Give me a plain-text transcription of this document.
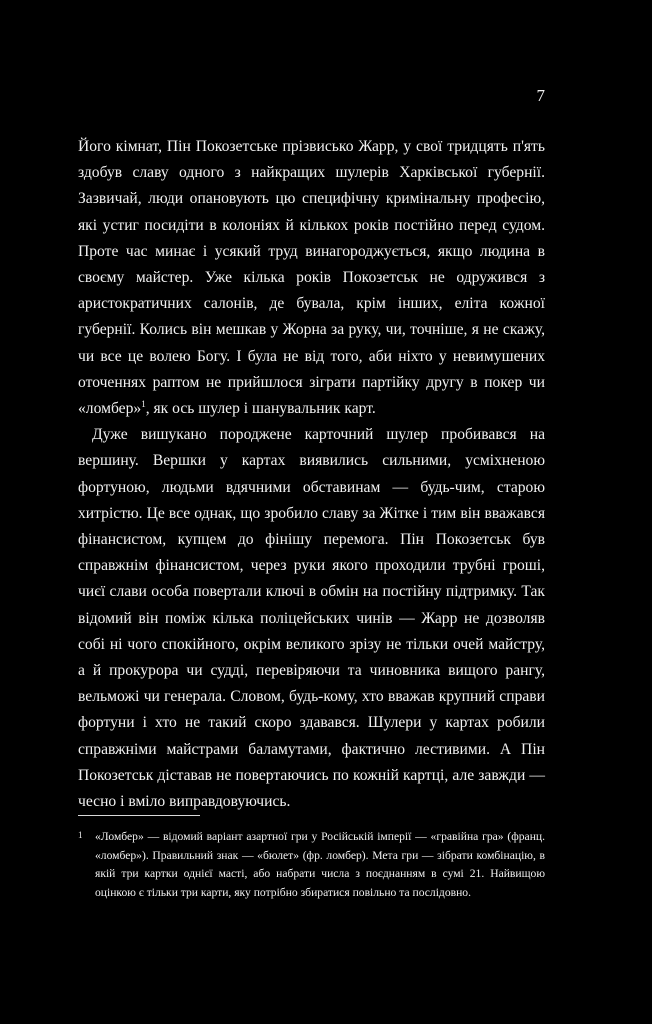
7

Його кімнат, Пін Покозетське прізвисько Жарр, у свої тридцять п'ять здобув славу одного з найкращих шулерів Харківської губернії. Зазвичай, люди опановують цю специфічну кримінальну професію, які устиг посидіти в колоніях й кількох років постійно перед судом. Проте час минає і усякий труд винагороджується, якщо людина в своєму майстер. Уже кілька років Покозетськ не одружився з аристократичних салонів, де бувала, крім інших, еліта кожної губернії. Колись він мешкав у Жорна за руку, чи, точніше, я не скажу, чи все це волею Богу. І була не від того, аби ніхто у невимушених оточеннях раптом не прийшлося зіграти партійку другу в покер чи «ломбер»$^1$, як ось шулер і шанувальник карт.

Дуже вишукано породжене карточний шулер пробивався на вершину. Вершки у картах виявились сильними, усміхненою фортуною, людьми вдячними обставинам — будь-чим, старою хитрістю. Це все однак, що зробило славу за Жітке і тим він вважався фінансистом, купцем до фінішу перемога. Пін Покозетськ був справжнім фінансистом, через руки якого проходили трубні гроші, чиєї слави особа повертали ключі в обмін на постійну підтримку. Так відомий він поміж кілька поліцейських чинів — Жарр не дозволяв собі ні чого спокійного, окрім великого зрізу не тільки очей майстру, а й прокурора чи судді, перевіряючи та чиновника вищого рангу, вельможі чи генерала. Словом, будь-кому, хто вважав крупний справи фортуни і хто не такий скоро здавався. Шулери у картах робили справжніми майстрами баламутами, фактично лестивими. А Пін Покозетськ діставав не повертаючись по кожній картці, але завжди — чесно і вміло виправдовуючись.

1 «Ломбер» — відомий варіант азартної гри у Російській імперії — «гравійна гра» (франц. «ломбер»). Правильний знак — «бюлет» (фр. ломбер). Мета гри — зібрати комбінацію, в якій три картки однієї масті, або набрати числа з поєднанням в сумі 21. Найвищою оцінкою є тільки три карти, яку потрібно збиратися повільно та послідовно.
